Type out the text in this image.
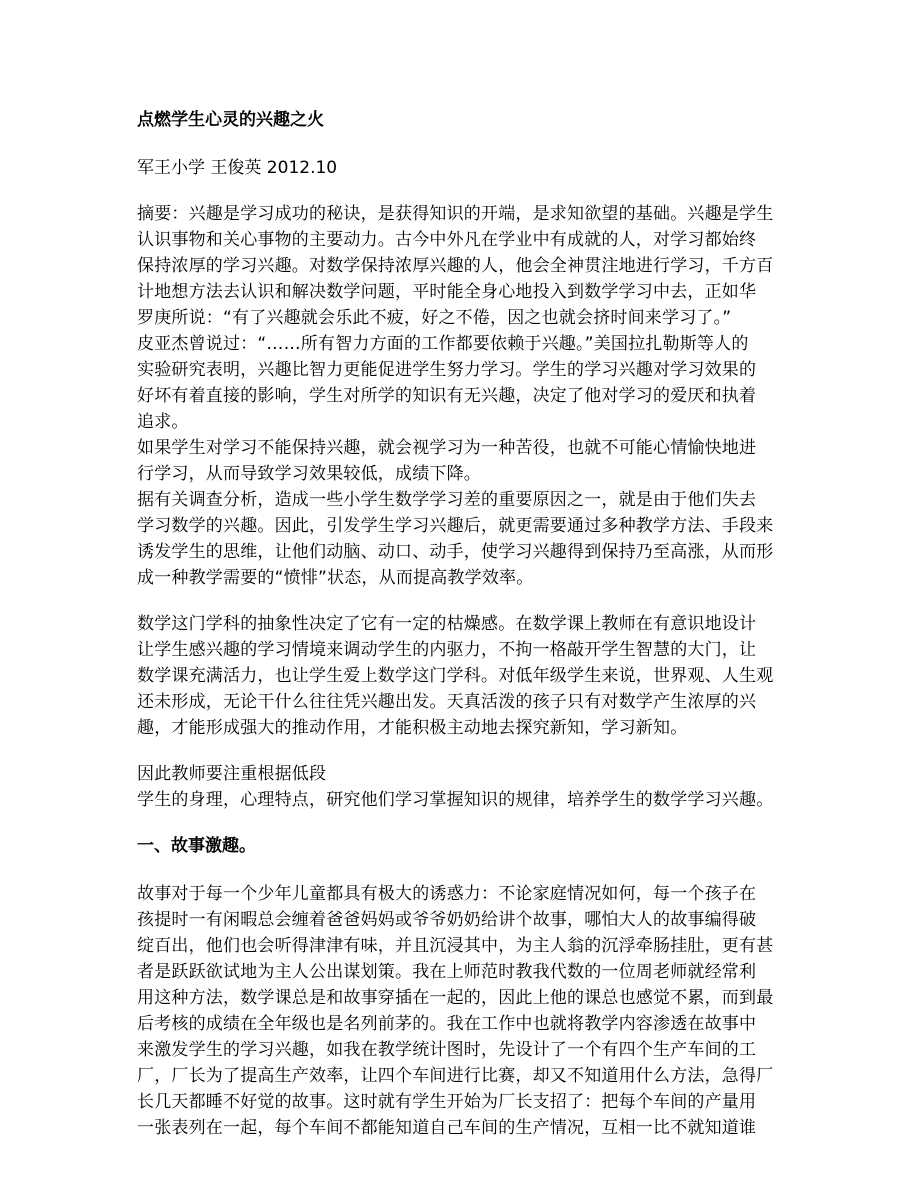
点燃学生心灵的兴趣之火
军王小学 王俊英 2012.10
摘要：兴趣是学习成功的秘诀，是获得知识的开端，是求知欲望的基础。兴趣是学生
认识事物和关心事物的主要动力。古今中外凡在学业中有成就的人，对学习都始终
保持浓厚的学习兴趣。对数学保持浓厚兴趣的人，他会全神贯注地进行学习，千方百
计地想方法去认识和解决数学问题，平时能全身心地投入到数学学习中去，正如华
罗庚所说：“有了兴趣就会乐此不疲，好之不倦，因之也就会挤时间来学习了。”
皮亚杰曾说过：“……所有智力方面的工作都要依赖于兴趣。”美国拉扎勒斯等人的
实验研究表明，兴趣比智力更能促进学生努力学习。学生的学习兴趣对学习效果的
好坏有着直接的影响，学生对所学的知识有无兴趣，决定了他对学习的爱厌和执着
追求。
如果学生对学习不能保持兴趣，就会视学习为一种苦役，也就不可能心情愉快地进
行学习，从而导致学习效果较低，成绩下降。
据有关调查分析，造成一些小学生数学学习差的重要原因之一，就是由于他们失去
学习数学的兴趣。因此，引发学生学习兴趣后，就更需要通过多种教学方法、手段来
诱发学生的思维，让他们动脑、动口、动手，使学习兴趣得到保持乃至高涨，从而形
成一种教学需要的“愤悱”状态，从而提高教学效率。
数学这门学科的抽象性决定了它有一定的枯燥感。在数学课上教师在有意识地设计
让学生感兴趣的学习情境来调动学生的内驱力，不拘一格敲开学生智慧的大门，让
数学课充满活力，也让学生爱上数学这门学科。对低年级学生来说，世界观、人生观
还未形成，无论干什么往往凭兴趣出发。天真活泼的孩子只有对数学产生浓厚的兴
趣，才能形成强大的推动作用，才能积极主动地去探究新知，学习新知。
因此教师要注重根据低段
学生的身理，心理特点，研究他们学习掌握知识的规律，培养学生的数学学习兴趣。
一、故事激趣。
故事对于每一个少年儿童都具有极大的诱惑力：不论家庭情况如何，每一个孩子在
孩提时一有闲暇总会缠着爸爸妈妈或爷爷奶奶给讲个故事，哪怕大人的故事编得破
绽百出，他们也会听得津津有味，并且沉浸其中，为主人翁的沉浮牵肠挂肚，更有甚
者是跃跃欲试地为主人公出谋划策。我在上师范时教我代数的一位周老师就经常利
用这种方法，数学课总是和故事穿插在一起的，因此上他的课总也感觉不累，而到最
后考核的成绩在全年级也是名列前茅的。我在工作中也就将教学内容渗透在故事中
来激发学生的学习兴趣，如我在教学统计图时，先设计了一个有四个生产车间的工
厂，厂长为了提高生产效率，让四个车间进行比赛，却又不知道用什么方法，急得厂
长几天都睡不好觉的故事。这时就有学生开始为厂长支招了：把每个车间的产量用
一张表列在一起，每个车间不都能知道自己车间的生产情况，互相一比不就知道谁
